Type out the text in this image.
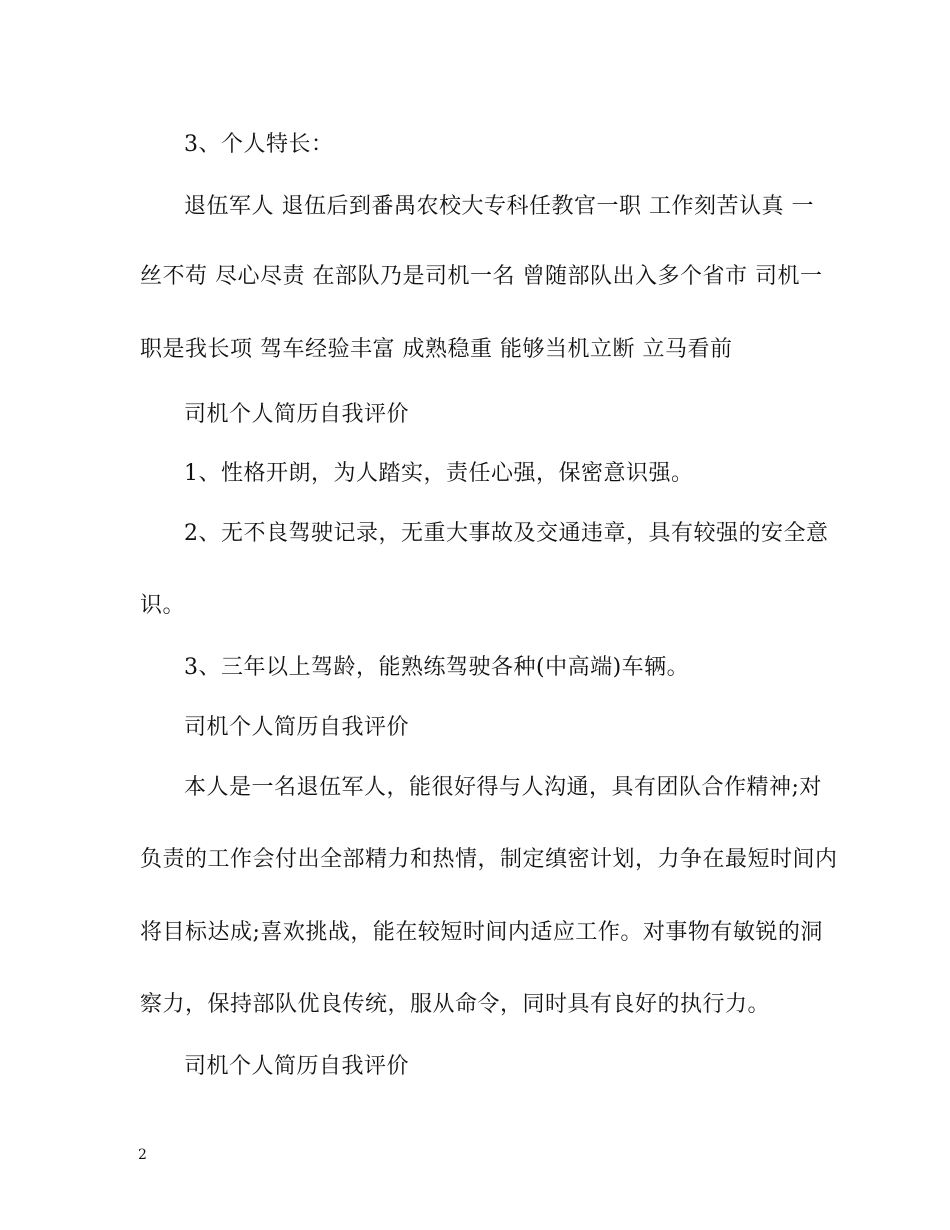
3、个人特长：
退伍军人 退伍后到番禺农校大专科任教官一职 工作刻苦认真 一
丝不苟 尽心尽责 在部队乃是司机一名 曾随部队出入多个省市 司机一
职是我长项 驾车经验丰富 成熟稳重 能够当机立断 立马看前
司机个人简历自我评价
1、性格开朗，为人踏实，责任心强，保密意识强。
2、无不良驾驶记录，无重大事故及交通违章，具有较强的安全意
识。
3、三年以上驾龄，能熟练驾驶各种(中高端)车辆。
司机个人简历自我评价
本人是一名退伍军人，能很好得与人沟通，具有团队合作精神;对
负责的工作会付出全部精力和热情，制定缜密计划，力争在最短时间内
将目标达成;喜欢挑战，能在较短时间内适应工作。对事物有敏锐的洞
察力，保持部队优良传统，服从命令，同时具有良好的执行力。
司机个人简历自我评价
2
